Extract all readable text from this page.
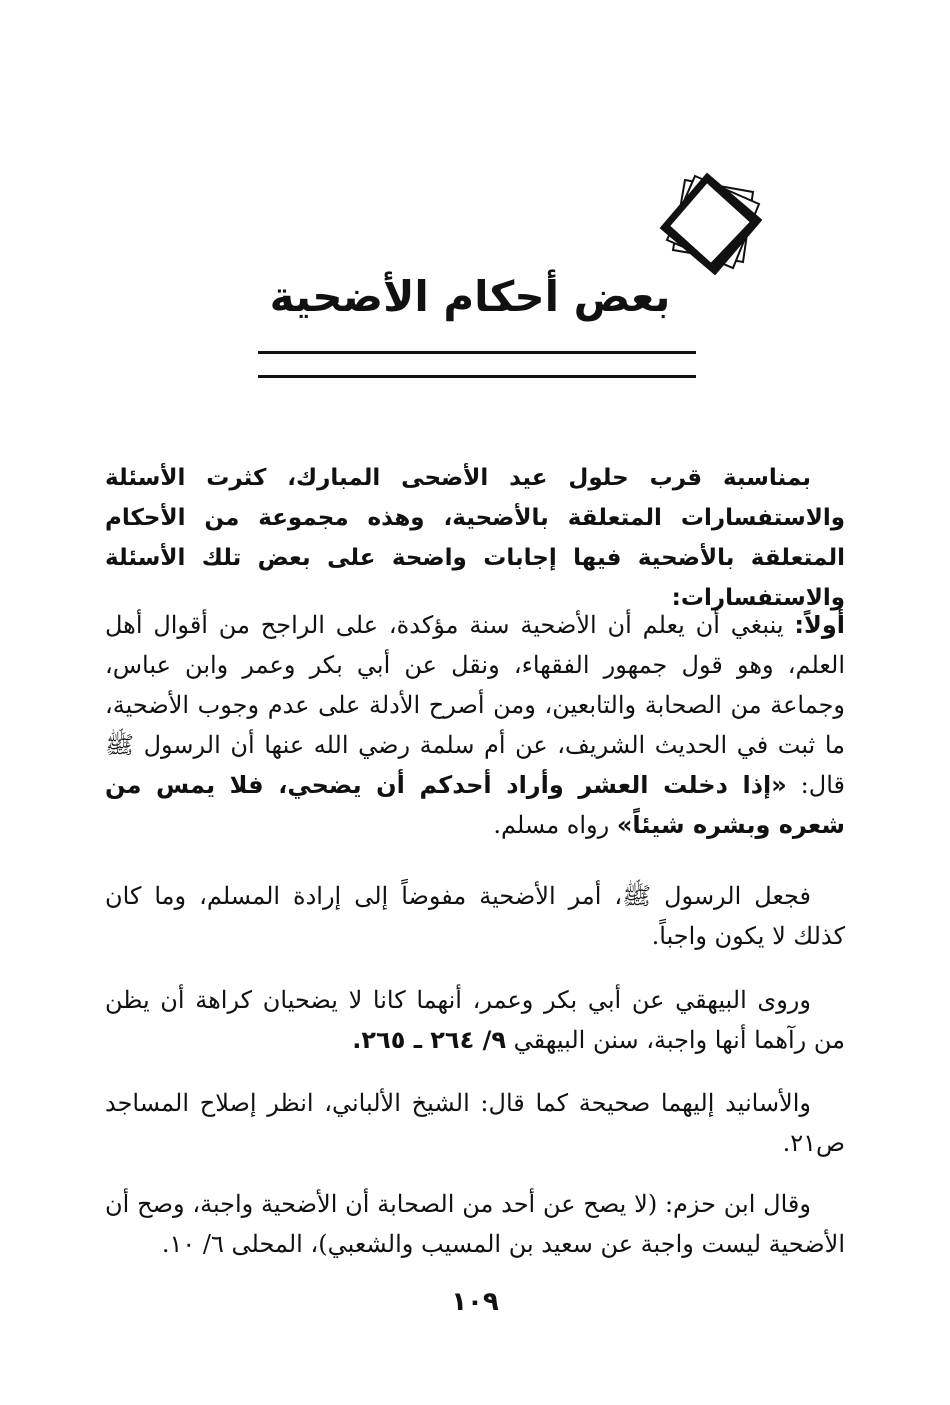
بعض أحكام الأضحية

بمناسبة قرب حلول عيد الأضحى المبارك، كثرت الأسئلة والاستفسارات المتعلقة بالأضحية، وهذه مجموعة من الأحكام المتعلقة بالأضحية فيها إجابات واضحة على بعض تلك الأسئلة والاستفسارات:

أولاً: ينبغي أن يعلم أن الأضحية سنة مؤكدة، على الراجح من أقوال أهل العلم، وهو قول جمهور الفقهاء، ونقل عن أبي بكر وعمر وابن عباس، وجماعة من الصحابة والتابعين، ومن أصرح الأدلة على عدم وجوب الأضحية، ما ثبت في الحديث الشريف، عن أم سلمة رضي الله عنها أن الرسول ﷺ قال: «إذا دخلت العشر وأراد أحدكم أن يضحي، فلا يمس من شعره وبشره شيئاً» رواه مسلم.

فجعل الرسول ﷺ، أمر الأضحية مفوضاً إلى إرادة المسلم، وما كان كذلك لا يكون واجباً.

وروى البيهقي عن أبي بكر وعمر، أنهما كانا لا يضحيان كراهة أن يظن من رآهما أنها واجبة، سنن البيهقي ٩/ ٢٦٤ ـ ٢٦٥.

والأسانيد إليهما صحيحة كما قال: الشيخ الألباني، انظر إصلاح المساجد ص٢١.

وقال ابن حزم: (لا يصح عن أحد من الصحابة أن الأضحية واجبة، وصح أن الأضحية ليست واجبة عن سعيد بن المسيب والشعبي)، المحلى ٦/ ١٠.

١٠٩
